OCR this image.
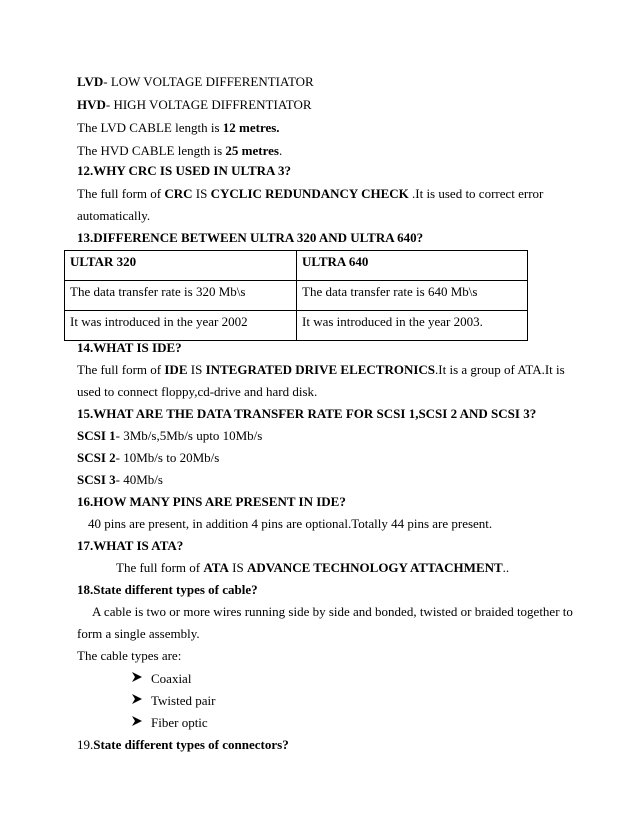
LVD- LOW VOLTAGE DIFFERENTIATOR
HVD- HIGH VOLTAGE DIFFRENTIATOR
The LVD CABLE length is 12 metres.
The HVD CABLE length is 25 metres.
12.WHY CRC IS USED IN ULTRA 3?
The full form of CRC IS CYCLIC REDUNDANCY CHECK .It is used to correct error
automatically.
13.DIFFERENCE BETWEEN ULTRA 320 AND ULTRA 640?
ULTAR 320	ULTRA 640
The data transfer rate is 320 Mb\s	The data transfer rate is 640 Mb\s
It was introduced in the year 2002	It was introduced in the year 2003.
14.WHAT IS IDE?
The full form of IDE IS INTEGRATED DRIVE ELECTRONICS.It is a group of ATA.It is
used to connect floppy,cd-drive and hard disk.
15.WHAT ARE THE DATA TRANSFER RATE FOR SCSI 1,SCSI 2 AND SCSI 3?
SCSI 1- 3Mb/s,5Mb/s upto 10Mb/s
SCSI 2- 10Mb/s to 20Mb/s
SCSI 3- 40Mb/s
16.HOW MANY PINS ARE PRESENT IN IDE?
40 pins are present, in addition 4 pins are optional.Totally 44 pins are present.
17.WHAT IS ATA?
The full form of ATA IS ADVANCE TECHNOLOGY ATTACHMENT..
18.State different types of cable?
A cable is two or more wires running side by side and bonded, twisted or braided together to
form a single assembly.
The cable types are:
Coaxial
Twisted pair
Fiber optic
19.State different types of connectors?
